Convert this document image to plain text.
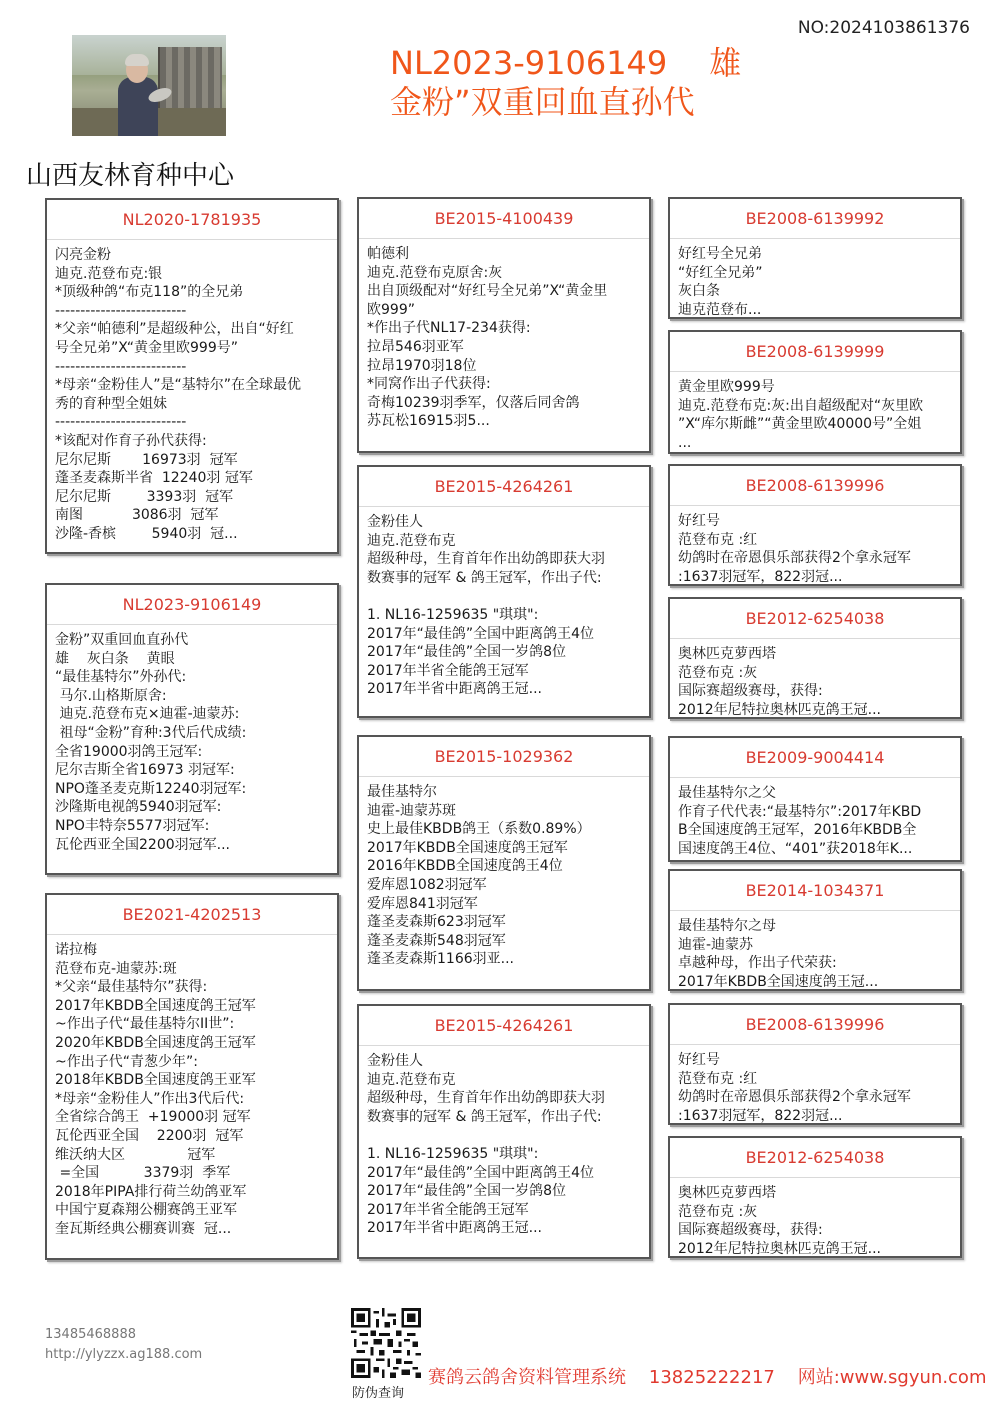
NO:2024103861376
NL2023-9106149 雄
金粉”双重回血直孙代
山西友林育种中心
NL2020-1781935
闪亮金粉
迪克.范登布克:银
*顶级种鸽“布克118”的全兄弟
--------------------------
*父亲“帕德利”是超级种公，出自“好红
号全兄弟”X“黄金里欧999号”
--------------------------
*母亲“金粉佳人”是“基特尔”在全球最优
秀的育种型全姐妹
--------------------------
*该配对作育子孙代获得:
尼尔尼斯       16973羽  冠军
蓬圣麦森斯半省  12240羽 冠军
尼尔尼斯        3393羽  冠军
南图           3086羽  冠军
沙隆-香槟        5940羽  冠...
NL2023-9106149
金粉”双重回血直孙代
雄    灰白条    黄眼
“最佳基特尔”外孙代:
马尔.山格斯原舍:
迪克.范登布克×迪霍-迪蒙苏:
祖母“金粉”育种:3代后代成绩:
全省19000羽鸽王冠军:
尼尔吉斯全省16973 羽冠军:
NPO蓬圣麦克斯12240羽冠军:
沙隆斯电视鸽5940羽冠军:
NPO丰特奈5577羽冠军:
瓦伦西亚全国2200羽冠军...
BE2021-4202513
诺拉梅
范登布克-迪蒙苏:斑
*父亲“最佳基特尔”获得:
2017年KBDB全国速度鸽王冠军
~作出子代“最佳基特尔II世”:
2020年KBDB全国速度鸽王冠军
~作出子代“青葱少年”:
2018年KBDB全国速度鸽王亚军
*母亲“金粉佳人”作出3代后代:
全省综合鸽王  +19000羽 冠军
瓦伦西亚全国    2200羽  冠军
维沃纳大区              冠军
=全国          3379羽  季军
2018年PIPA排行荷兰幼鸽亚军
中国宁夏森翔公棚赛鸽王亚军
奎瓦斯经典公棚赛训赛  冠...
BE2015-4100439
帕德利
迪克.范登布克原舍:灰
出自顶级配对“好红号全兄弟”X“黄金里
欧999”
*作出子代NL17-234获得:
拉昂546羽亚军
拉昂1970羽18位
*同窝作出子代获得:
奇梅10239羽季军，仅落后同舍鸽
苏瓦松16915羽5...
BE2015-4264261
金粉佳人
迪克.范登布克
超级种母，生育首年作出幼鸽即获大羽
数赛事的冠军 & 鸽王冠军，作出子代:

1. NL16-1259635 "琪琪":
2017年“最佳鸽”全国中距离鸽王4位
2017年“最佳鸽”全国一岁鸽8位
2017年半省全能鸽王冠军
2017年半省中距离鸽王冠...
BE2015-1029362
最佳基特尔
迪霍-迪蒙苏斑
史上最佳KBDB鸽王（系数0.89%）
2017年KBDB全国速度鸽王冠军
2016年KBDB全国速度鸽王4位
爱库恩1082羽冠军
爱库恩841羽冠军
蓬圣麦森斯623羽冠军
蓬圣麦森斯548羽冠军
蓬圣麦森斯1166羽亚...
BE2015-4264261
金粉佳人
迪克.范登布克
超级种母，生育首年作出幼鸽即获大羽
数赛事的冠军 & 鸽王冠军，作出子代:

1. NL16-1259635 "琪琪":
2017年“最佳鸽”全国中距离鸽王4位
2017年“最佳鸽”全国一岁鸽8位
2017年半省全能鸽王冠军
2017年半省中距离鸽王冠...
BE2008-6139992
好红号全兄弟
“好红全兄弟”
灰白条
迪克范登布...
BE2008-6139999
黄金里欧999号
迪克.范登布克:灰:出自超级配对“灰里欧
”X“库尔斯雌”“黄金里欧40000号”全姐
...
BE2008-6139996
好红号
范登布克 :红
幼鸽时在帝恩俱乐部获得2个拿永冠军
:1637羽冠军，822羽冠...
BE2012-6254038
奥林匹克萝西塔
范登布克 :灰
国际赛超级赛母，获得:
2012年尼特拉奥林匹克鸽王冠...
BE2009-9004414
最佳基特尔之父
作育子代代表:“最基特尔”:2017年KBD
B全国速度鸽王冠军，2016年KBDB全
国速度鸽王4位、“401”获2018年K...
BE2014-1034371
最佳基特尔之母
迪霍-迪蒙苏
卓越种母，作出子代荣获:
2017年KBDB全国速度鸽王冠...
BE2008-6139996
好红号
范登布克 :红
幼鸽时在帝恩俱乐部获得2个拿永冠军
:1637羽冠军，822羽冠...
BE2012-6254038
奥林匹克萝西塔
范登布克 :灰
国际赛超级赛母，获得:
2012年尼特拉奥林匹克鸽王冠...
13485468888
http://ylyzzx.ag188.com
防伪查询
赛鸽云鸽舍资料管理系统    13825222217    网站:www.sgyun.com
